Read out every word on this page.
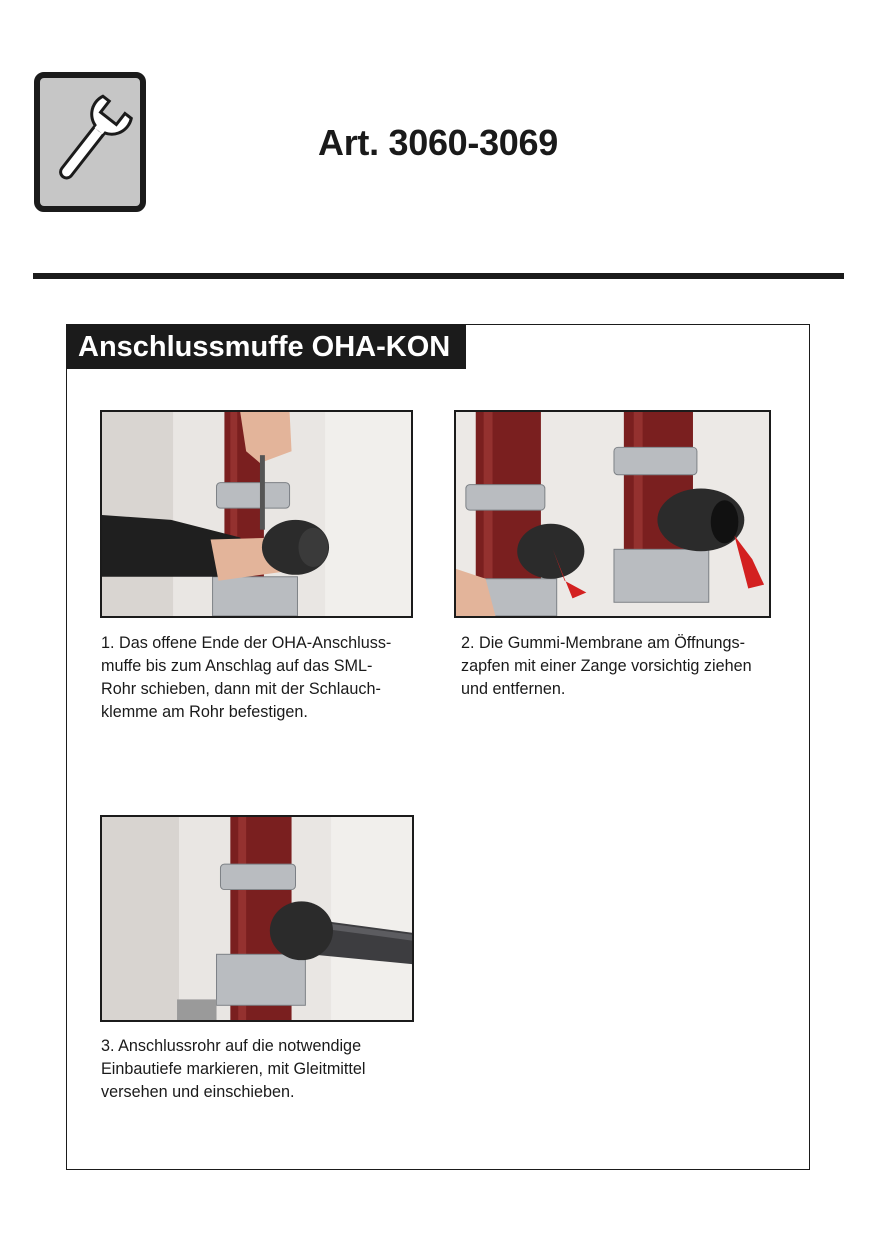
Art. 3060-3069
Anschlussmuffe OHA-KON
1. Das offene Ende der OHA-Anschluss-
muffe bis zum Anschlag auf das SML-
Rohr schieben, dann mit der Schlauch-
klemme am Rohr befestigen.
2. Die Gummi-Membrane am Öffnungs-
zapfen mit einer Zange vorsichtig ziehen
und entfernen.
3. Anschlussrohr auf die notwendige
Einbautiefe markieren, mit Gleitmittel
versehen und einschieben.
